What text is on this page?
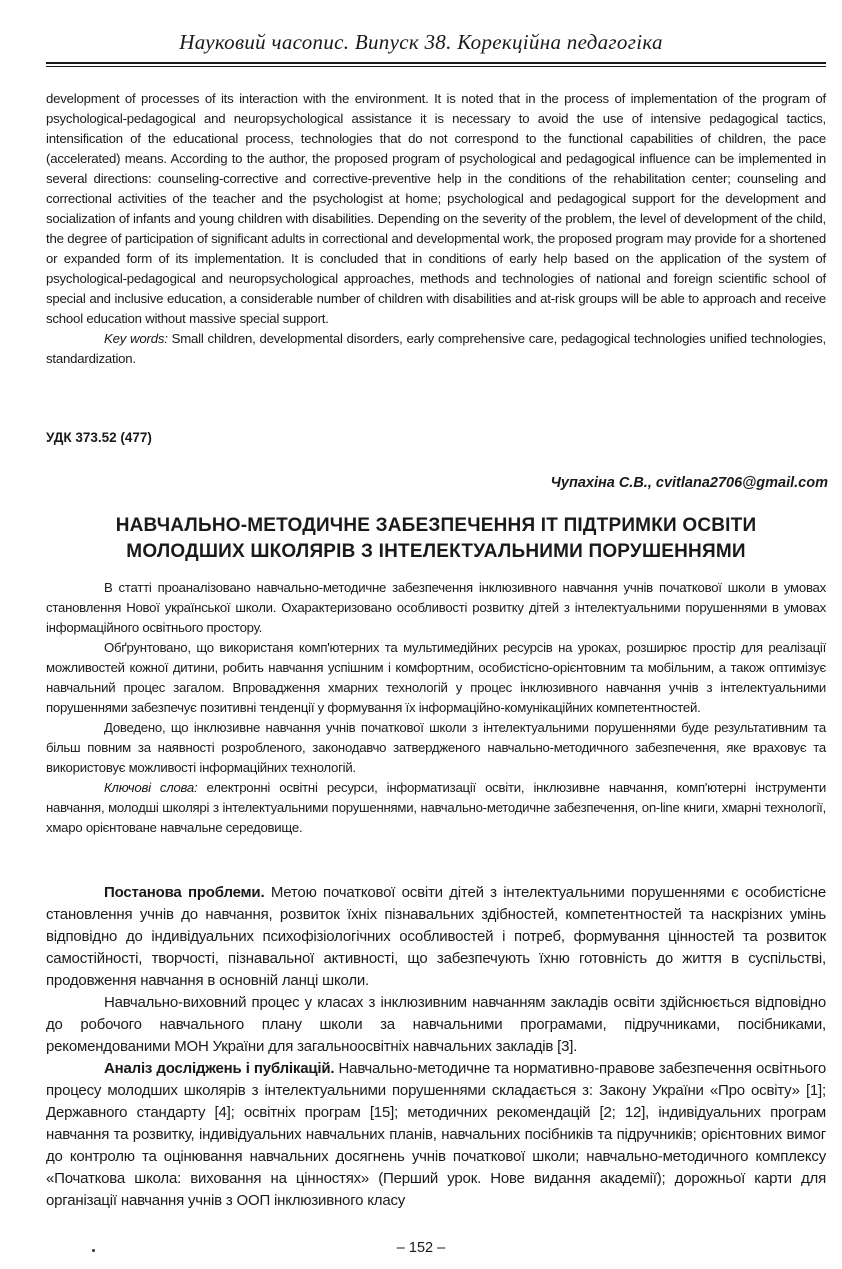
Науковий часопис. Випуск 38. Корекційна педагогіка

development of processes of its interaction with the environment. It is noted that in the process of implementation of the program of psychological-pedagogical and neuropsychological assistance it is necessary to avoid the use of intensive pedagogical tactics, intensification of the educational process, technologies that do not correspond to the functional capabilities of children, the pace (accelerated) means. According to the author, the proposed program of psychological and pedagogical influence can be implemented in several directions: counseling-corrective and corrective-preventive help in the conditions of the rehabilitation center; counseling and correctional activities of the teacher and the psychologist at home; psychological and pedagogical support for the development and socialization of infants and young children with disabilities. Depending on the severity of the problem, the level of development of the child, the degree of participation of significant adults in correctional and developmental work, the proposed program may provide for a shortened or expanded form of its implementation. It is concluded that in conditions of early help based on the application of the system of psychological-pedagogical and neuropsychological approaches, methods and technologies of national and foreign scientific school of special and inclusive education, a considerable number of children with disabilities and at-risk groups will be able to approach and receive school education without massive special support.

Key words: Small children, developmental disorders, early comprehensive care, pedagogical technologies unified technologies, standardization.

УДК 373.52 (477)
Чупахіна С.В., cvitlana2706@gmail.com
НАВЧАЛЬНО-МЕТОДИЧНЕ ЗАБЕЗПЕЧЕННЯ ІТ ПІДТРИМКИ ОСВІТИ
МОЛОДШИХ ШКОЛЯРІВ З ІНТЕЛЕКТУАЛЬНИМИ ПОРУШЕННЯМИ

В статті проаналізовано навчально-методичне забезпечення інклюзивного навчання учнів початкової школи в умовах становлення Нової української школи. Охарактеризовано особливості розвитку дітей з інтелектуальними порушеннями в умовах інформаційного освітнього простору.

Обґрунтовано, що використаня комп'ютерних та мультимедійних ресурсів на уроках, розширює простір для реалізації можливостей кожної дитини, робить навчання успішним і комфортним, особистісно-орієнтовним та мобільним, а також оптимізує навчальний процес загалом. Впровадження хмарних технологій у процес інклюзивного навчання учнів з інтелектуальними порушеннями забезпечує позитивні тенденції у формування їх інформаційно-комунікаційних компетентностей.

Доведено, що інклюзивне навчання учнів початкової школи з інтелектуальними порушеннями буде результативним та більш повним за наявності розробленого, законодавчо затвердженого навчально-методичного забезпечення, яке враховує та використовує можливості інформаційних технологій.

Ключові слова: електронні освітні ресурси, інформатизації освіти, інклюзивне навчання, комп'ютерні інструменти навчання, молодші школярі з інтелектуальними порушеннями, навчально-методичне забезпечення, on-line книги, хмарні технології, хмаро орієнтоване навчальне середовище.

Постанова проблеми. Метою початкової освіти дітей з інтелектуальними порушеннями є особистісне становлення учнів до навчання, розвиток їхніх пізнавальних здібностей, компетентностей та наскрізних умінь відповідно до індивідуальних психофізіологічних особливостей і потреб, формування цінностей та розвиток самостійності, творчості, пізнавальної активності, що забезпечують їхню готовність до життя в суспільстві, продовження навчання в основній ланці школи.

Навчально-виховний процес у класах з інклюзивним навчанням закладів освіти здійснюється відповідно до робочого навчального плану школи за навчальними програмами, підручниками, посібниками, рекомендованими МОН України для загальноосвітніх навчальних закладів [3].

Аналіз досліджень і публікацій. Навчально-методичне та нормативно-правове забезпечення освітнього процесу молодших школярів з інтелектуальними порушеннями складається з: Закону України «Про освіту» [1]; Державного стандарту [4]; освітніх програм [15]; методичних рекомендацій [2; 12], індивідуальних програм навчання та розвитку, індивідуальних навчальних планів, навчальних посібників та підручників; орієнтовних вимог до контролю та оцінювання навчальних досягнень учнів початкової школи; навчально-методичного комплексу «Початкова школа: виховання на цінностях» (Перший урок. Нове видання академії); дорожньої карти для організації навчання учнів з ООП інклюзивного класу

– 152 –
